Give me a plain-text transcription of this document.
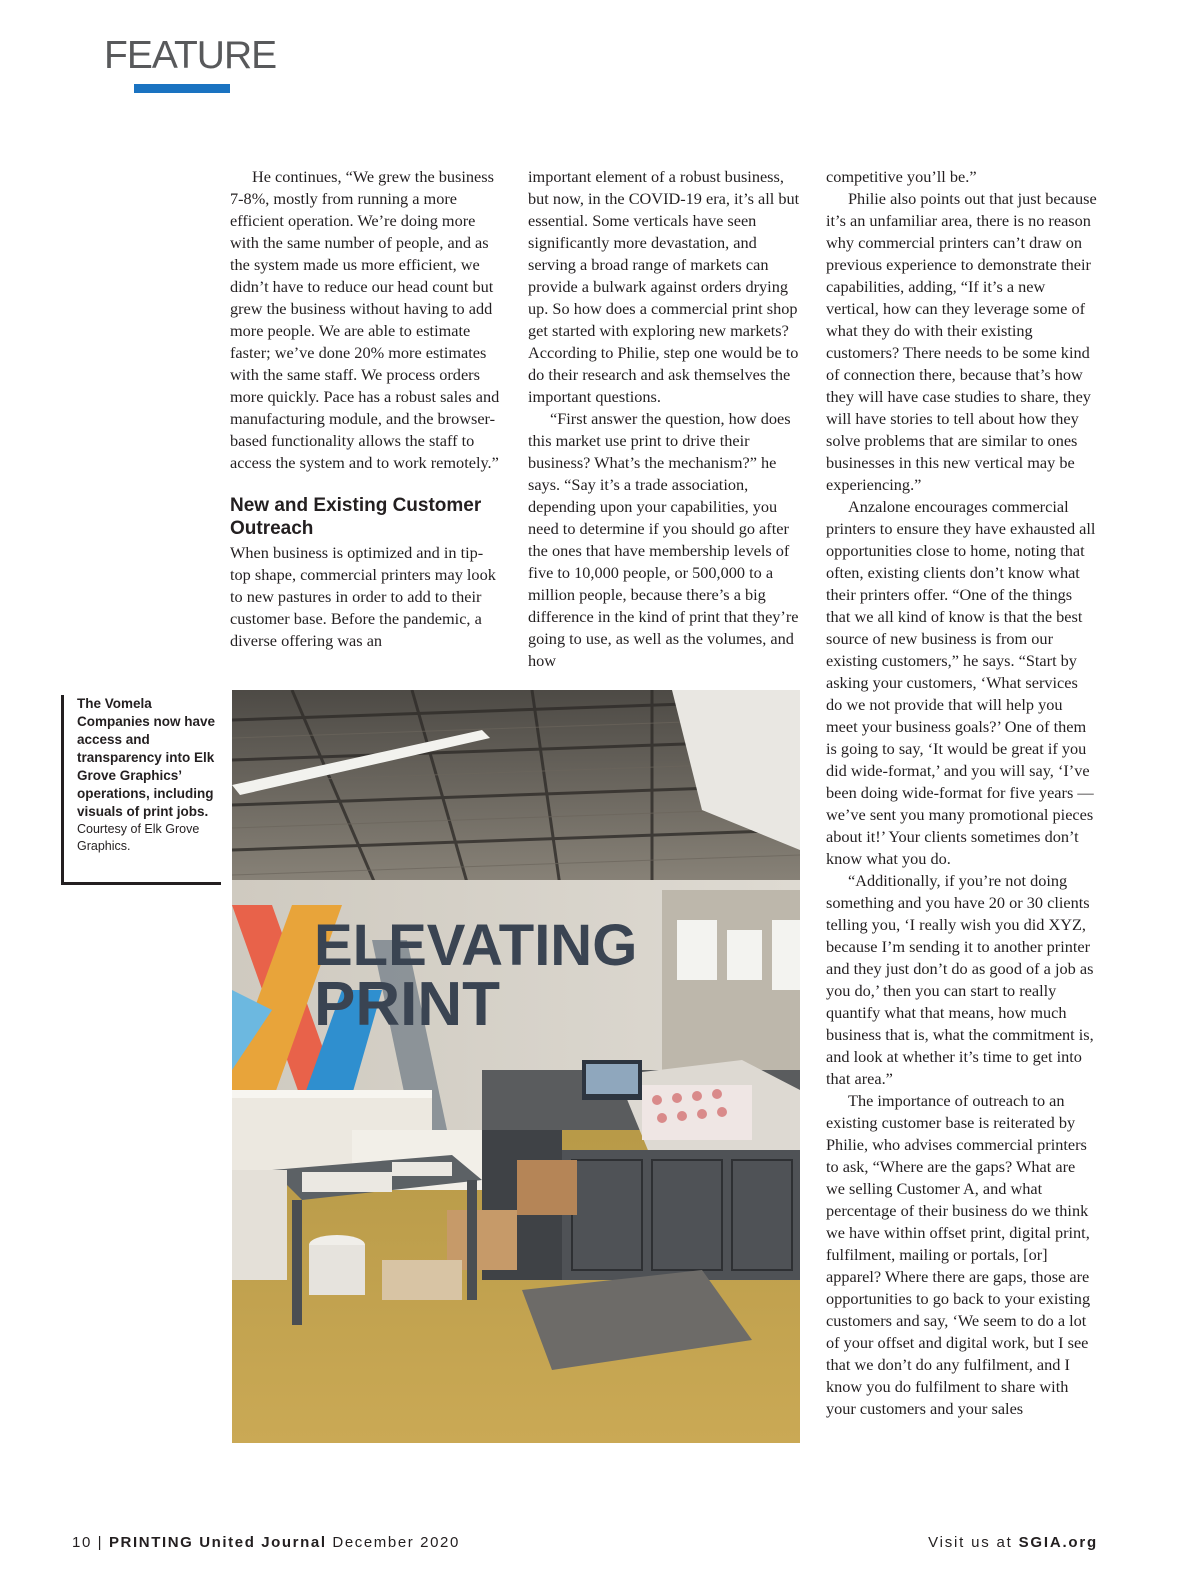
FEATURE

He continues, “We grew the business 7-8%, mostly from running a more efficient operation. We’re doing more with the same number of people, and as the system made us more efficient, we didn’t have to reduce our head count but grew the business without having to add more people. We are able to estimate faster; we’ve done 20% more estimates with the same staff. We process orders more quickly. Pace has a robust sales and manufacturing module, and the browser-based functionality allows the staff to access the system and to work remotely.”

New and Existing Customer Outreach

When business is optimized and in tip-top shape, commercial printers may look to new pastures in order to add to their customer base. Before the pandemic, a diverse offering was an

important element of a robust business, but now, in the COVID-19 era, it’s all but essential. Some verticals have seen significantly more devastation, and serving a broad range of markets can provide a bulwark against orders drying up. So how does a commercial print shop get started with exploring new markets? According to Philie, step one would be to do their research and ask themselves the important questions.

“First answer the question, how does this market use print to drive their business? What’s the mechanism?” he says. “Say it’s a trade association, depending upon your capabilities, you need to determine if you should go after the ones that have membership levels of five to 10,000 people, or 500,000 to a million people, because there’s a big difference in the kind of print that they’re going to use, as well as the volumes, and how

competitive you’ll be.”

Philie also points out that just because it’s an unfamiliar area, there is no reason why commercial printers can’t draw on previous experience to demonstrate their capabilities, adding, “If it’s a new vertical, how can they leverage some of what they do with their existing customers? There needs to be some kind of connection there, because that’s how they will have case studies to share, they will have stories to tell about how they solve problems that are similar to ones businesses in this new vertical may be experiencing.”

Anzalone encourages commercial printers to ensure they have exhausted all opportunities close to home, noting that often, existing clients don’t know what their printers offer. “One of the things that we all kind of know is that the best source of new business is from our existing customers,” he says. “Start by asking your customers, ‘What services do we not provide that will help you meet your business goals?’ One of them is going to say, ‘It would be great if you did wide-format,’ and you will say, ‘I’ve been doing wide-format for five years — we’ve sent you many promotional pieces about it!’ Your clients sometimes don’t know what you do.

“Additionally, if you’re not doing something and you have 20 or 30 clients telling you, ‘I really wish you did XYZ, because I’m sending it to another printer and they just don’t do as good of a job as you do,’ then you can start to really quantify what that means, how much business that is, what the commitment is, and look at whether it’s time to get into that area.”

The importance of outreach to an existing customer base is reiterated by Philie, who advises commercial printers to ask, “Where are the gaps? What are we selling Customer A, and what percentage of their business do we think we have within offset print, digital print, fulfilment, mailing or portals, [or] apparel? Where there are gaps, those are opportunities to go back to your existing customers and say, ‘We seem to do a lot of your offset and digital work, but I see that we don’t do any fulfilment, and I know you do fulfilment to share with your customers and your sales

The Vomela Companies now have access and transparency into Elk Grove Graphics’ operations, including visuals of print jobs.
Courtesy of Elk Grove Graphics.
ELEVATING
PRINT
10 | PRINTING United Journal December 2020	Visit us at SGIA.org
